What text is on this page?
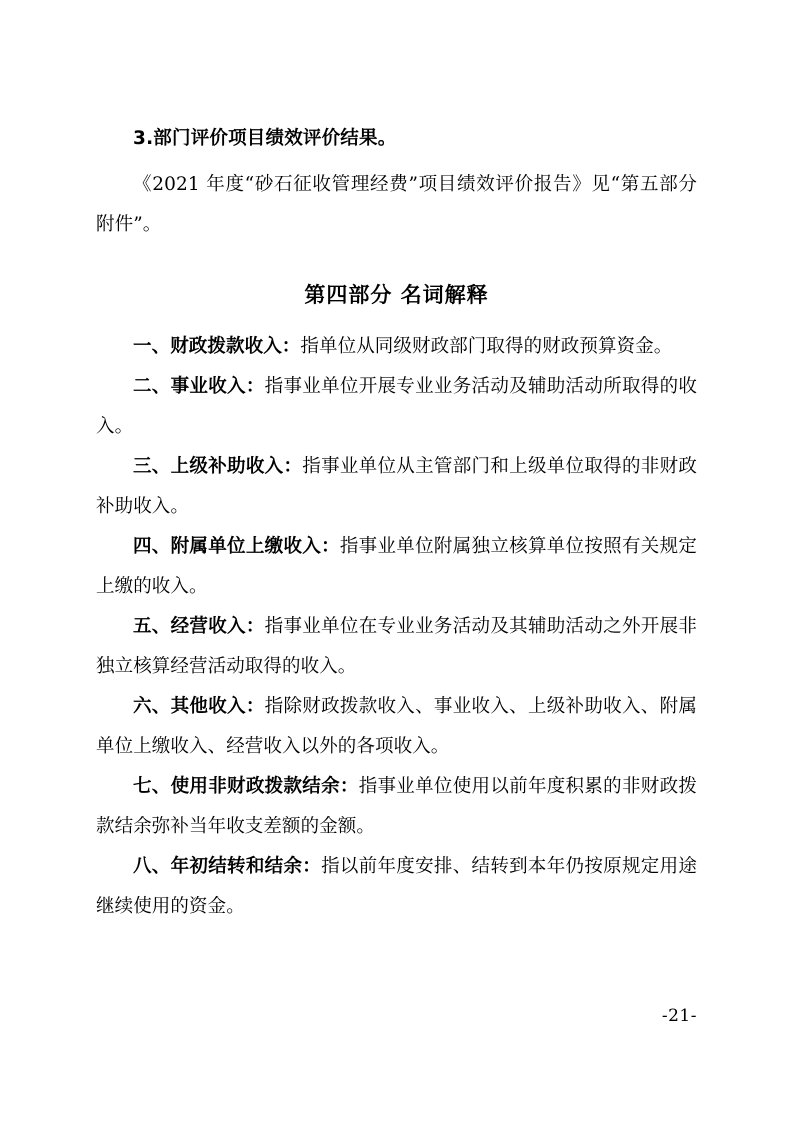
3.部门评价项目绩效评价结果。

《2021 年度“砂石征收管理经费”项目绩效评价报告》见“第五部分附件”。

第四部分 名词解释

一、财政拨款收入：指单位从同级财政部门取得的财政预算资金。

二、事业收入：指事业单位开展专业业务活动及辅助活动所取得的收入。

三、上级补助收入：指事业单位从主管部门和上级单位取得的非财政补助收入。

四、附属单位上缴收入：指事业单位附属独立核算单位按照有关规定上缴的收入。

五、经营收入：指事业单位在专业业务活动及其辅助活动之外开展非独立核算经营活动取得的收入。

六、其他收入：指除财政拨款收入、事业收入、上级补助收入、附属单位上缴收入、经营收入以外的各项收入。

七、使用非财政拨款结余：指事业单位使用以前年度积累的非财政拨款结余弥补当年收支差额的金额。

八、年初结转和结余：指以前年度安排、结转到本年仍按原规定用途继续使用的资金。

-21-
